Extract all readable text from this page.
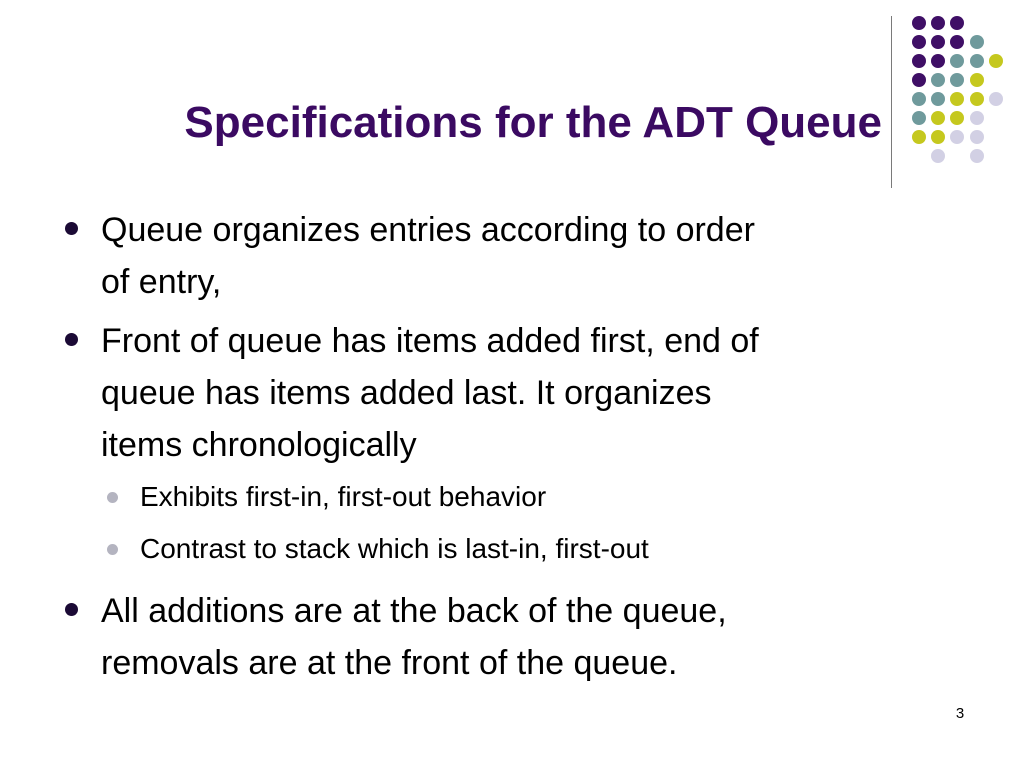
Specifications for the ADT Queue
Queue organizes entries according to order
of entry,
Front of queue has items added first, end of
queue has items added last. It organizes
items chronologically
Exhibits first-in, first-out behavior
Contrast to stack which is last-in, first-out
All additions are at the back of the queue,
removals are at the front of the queue.
3
